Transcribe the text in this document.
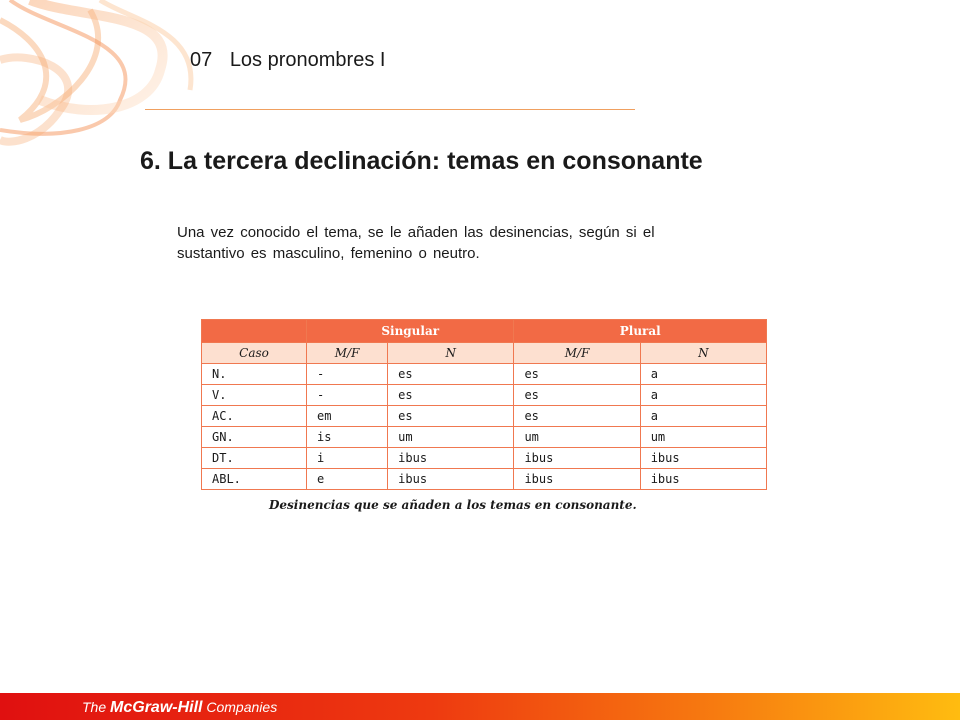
07 Los pronombres I
6. La tercera declinación: temas en consonante
Una vez conocido el tema, se le añaden las desinencias, según si el sustantivo es masculino, femenino o neutro.
	Singular		Plural	
Caso	M/F	N	M/F	N
N.	-	es	es	a
V.	-	es	es	a
AC.	em	es	es	a
GN.	is	um	um	um
DT.	i	ibus	ibus	ibus
ABL.	e	ibus	ibus	ibus
Desinencias que se añaden a los temas en consonante.
The McGraw-Hill Companies
